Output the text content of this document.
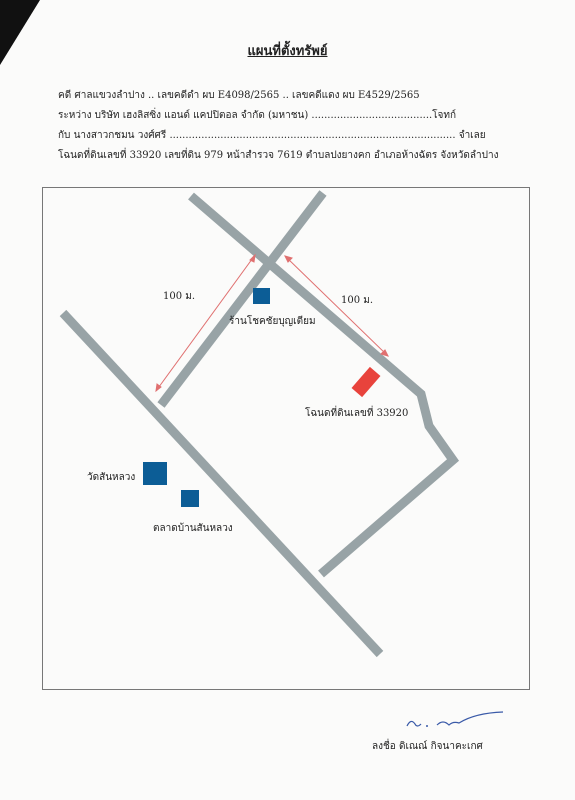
แผนที่ตั้งทรัพย์
คดี ศาลแขวงลำปาง .. เลขคดีดำ ผบ E4098/2565 .. เลขคดีแดง ผบ E4529/2565
ระหว่าง บริษัท เฮงลิสซิ่ง แอนด์ แคปปิตอล จำกัด (มหาชน) ......................................โจทก์
กับ นางสาวกชมน วงศ์ศรี .......................................................................................... จำเลย
โฉนดที่ดินเลขที่ 33920 เลขที่ดิน 979 หน้าสำรวจ 7619 ตำบลปงยางคก อำเภอห้างฉัตร จังหวัดลำปาง
100 ม.	100 ม.
ร้านโชคชัยบุญเตียม
วัดสันหลวง
ตลาดบ้านสันหลวง
โฉนดที่ดินเลขที่ 33920
ลงชื่อ ดิเณณ์ กิจนาคะเกศ
